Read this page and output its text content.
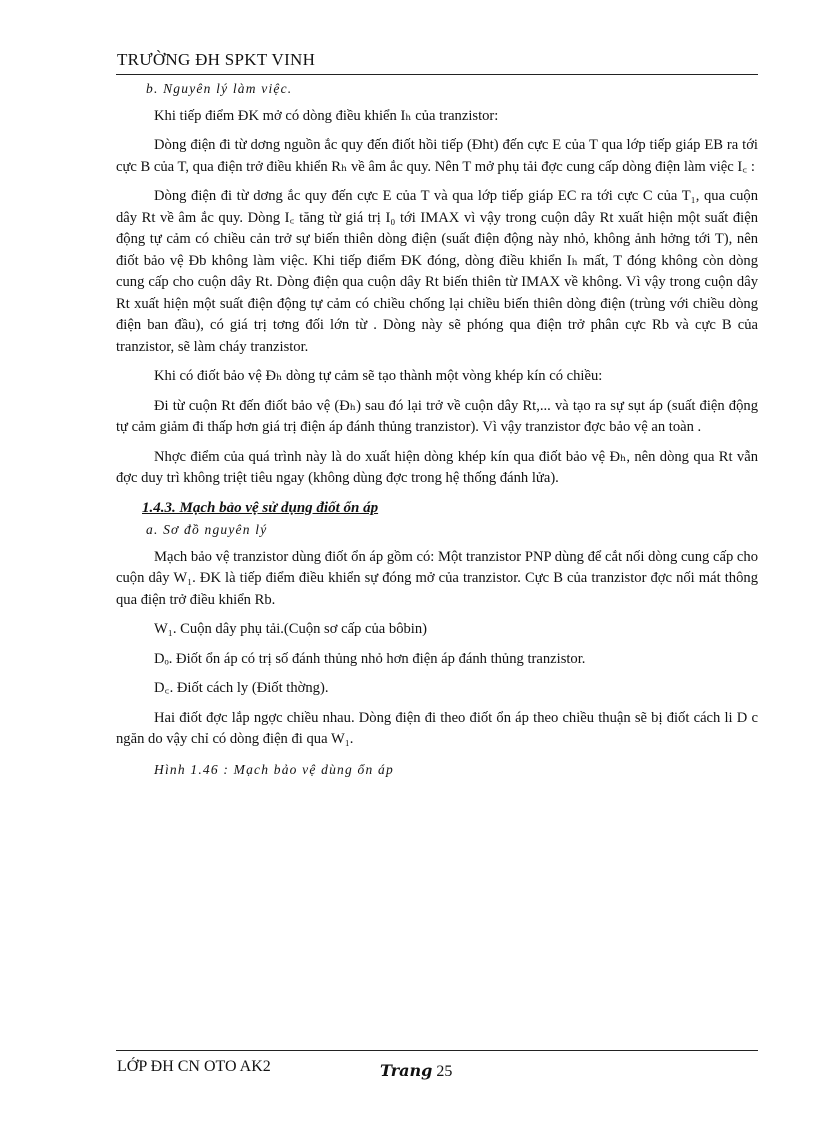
TRƯỜNG ĐH SPKT VINH

b. Nguyên lý làm việc.

Khi tiếp điểm ĐK mở có dòng điều khiển Iₕ của tranzistor:

Dòng điện đi từ dơng nguồn ắc quy đến điốt hồi tiếp (Đht) đến cực E của T qua lớp tiếp giáp EB ra tới cực B của T, qua điện trở điều khiển Rₕ về âm ắc quy. Nên T mở phụ tải đợc cung cấp dòng điện làm việc I꜀ :

Dòng điện đi từ dơng ắc quy đến cực E của T và qua lớp tiếp giáp EC ra tới cực C của T₁, qua cuộn dây Rt về âm ắc quy. Dòng I꜀ tăng từ giá trị I₀ tới IMAX vì vậy trong cuộn dây Rt xuất hiện một suất điện động tự cảm có chiều cản trở sự biến thiên dòng điện (suất điện động này nhỏ, không ảnh hởng tới T), nên điốt bảo vệ Đb không làm việc. Khi tiếp điểm ĐK đóng, dòng điều khiển Iₕ mất, T đóng không còn dòng cung cấp cho cuộn dây Rt. Dòng điện qua cuộn dây Rt biến thiên từ IMAX về không. Vì vậy trong cuộn dây Rt xuất hiện một suất điện động tự cảm có chiều chống lại chiều biến thiên dòng điện (trùng với chiều dòng điện ban đầu), có giá trị tơng đối lớn từ . Dòng này sẽ phóng qua điện trở phân cực Rb và cực B của tranzistor, sẽ làm cháy tranzistor.

Khi có điốt bảo vệ Đₕ dòng tự cảm sẽ tạo thành một vòng khép kín có chiều:

Đi từ cuộn Rt đến điốt bảo vệ (Đₕ) sau đó lại trở về cuộn dây Rt,... và tạo ra sự sụt áp (suất điện động tự cảm giảm đi thấp hơn giá trị điện áp đánh thủng tranzistor). Vì vậy tranzistor đợc bảo vệ an toàn .

Nhợc điểm của quá trình này là do xuất hiện dòng khép kín qua điốt bảo vệ Đₕ, nên dòng qua Rt vẫn đợc duy trì không triệt tiêu ngay (không dùng đợc trong hệ thống đánh lửa).

1.4.3. Mạch bảo vệ sử dụng điốt ổn áp

a. Sơ đồ nguyên lý

Mạch bảo vệ tranzistor dùng điốt ổn áp gồm có: Một tranzistor PNP dùng để cắt nối dòng cung cấp cho cuộn dây W₁. ĐK là tiếp điểm điều khiển sự đóng mở của tranzistor. Cực B của tranzistor đợc nối mát thông qua điện trở điều khiển Rb.

W₁. Cuộn dây phụ tải.(Cuộn sơ cấp của bôbin)

Dₒ. Điốt ổn áp có trị số đánh thủng nhỏ hơn điện áp đánh thủng tranzistor.

D꜀. Điốt cách ly (Điốt thờng).

Hai điốt đợc lắp ngợc chiều nhau. Dòng điện đi theo điốt ổn áp theo chiều thuận sẽ bị điốt cách li D c ngăn do vậy chỉ có dòng điện đi qua W₁.

Hình 1.46 : Mạch bảo vệ dùng ổn áp

LỚP ĐH CN OTO AK2	Trang 25
